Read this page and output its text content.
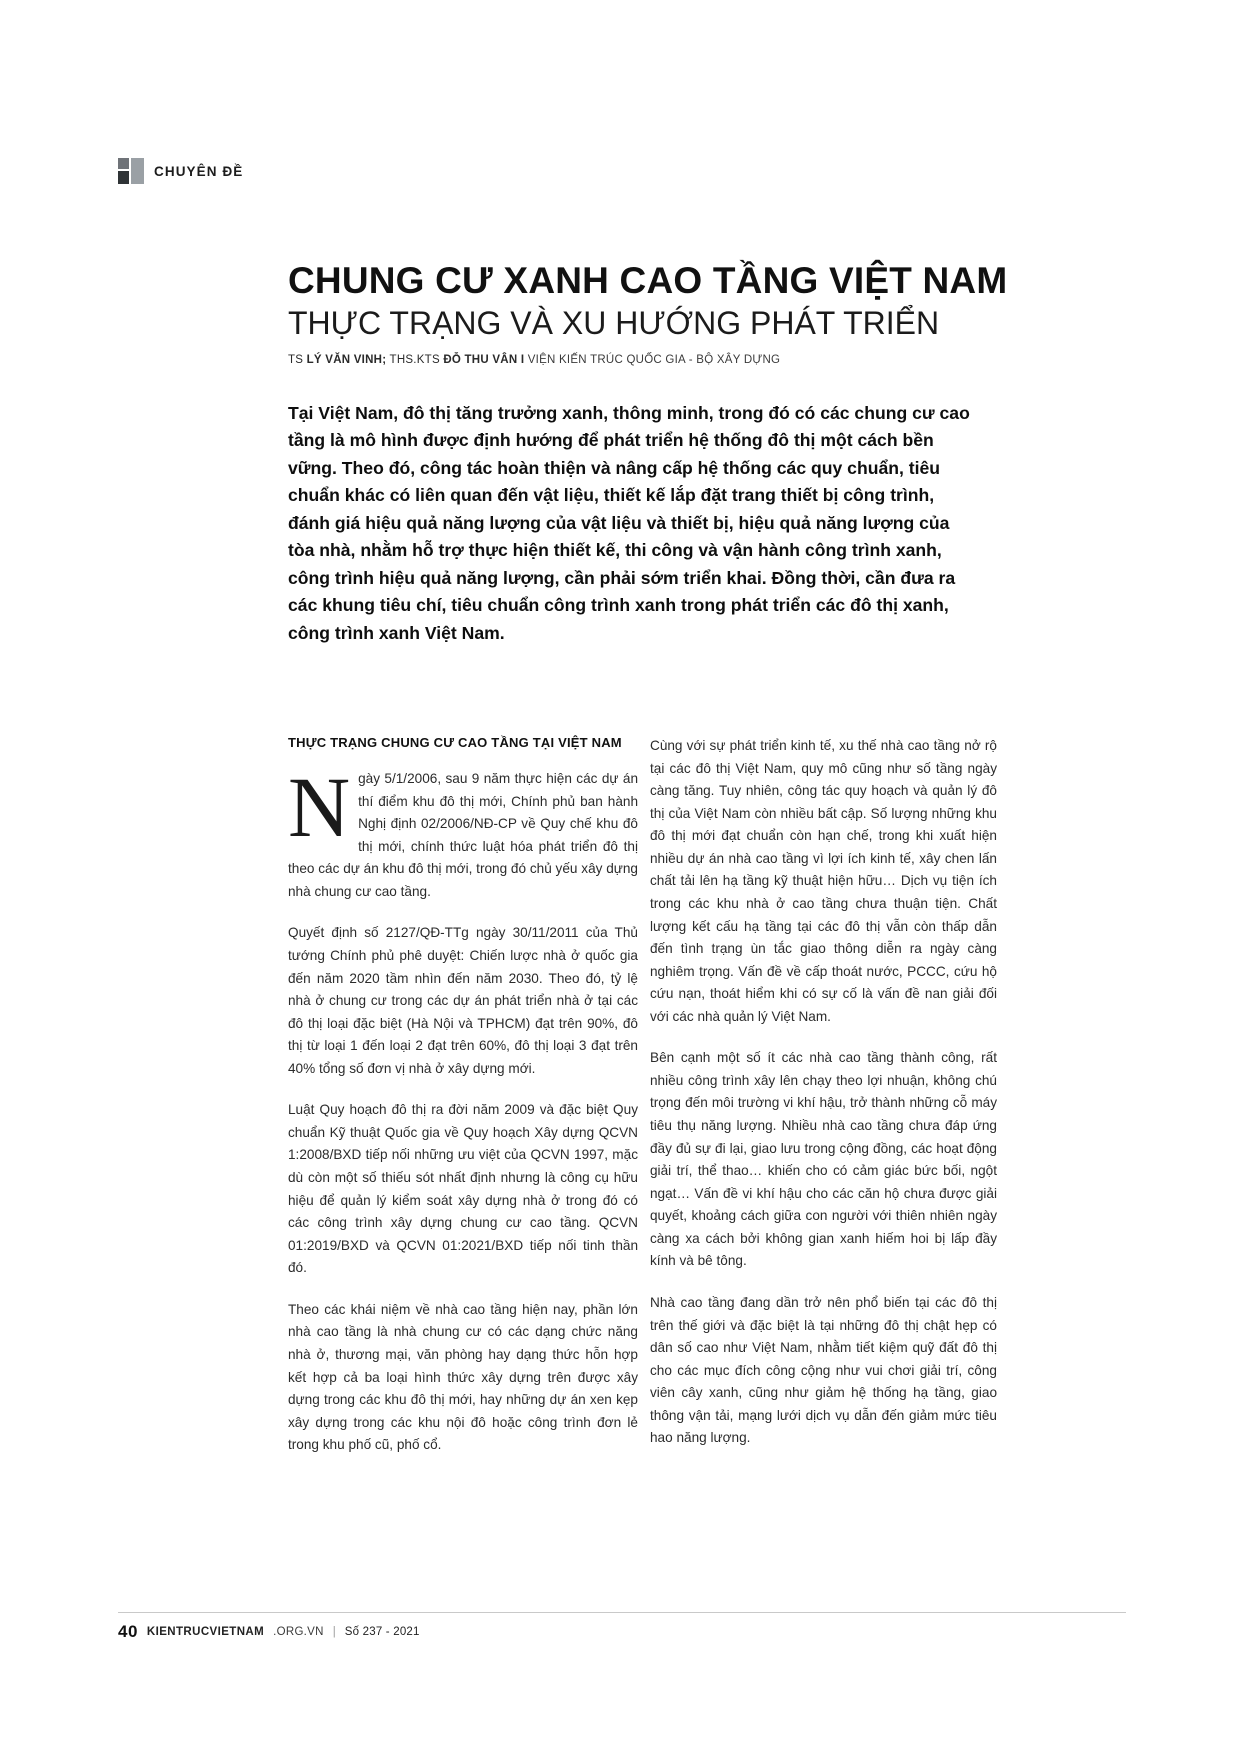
CHUYÊN ĐỀ
CHUNG CƯ XANH CAO TẦNG VIỆT NAM
THỰC TRẠNG VÀ XU HƯỚNG PHÁT TRIỂN
TS LÝ VĂN VINH; THS.KTS ĐỖ THU VÂN I VIỆN KIẾN TRÚC QUỐC GIA - BỘ XÂY DỰNG
Tại Việt Nam, đô thị tăng trưởng xanh, thông minh, trong đó có các chung cư cao tầng là mô hình được định hướng để phát triển hệ thống đô thị một cách bền vững. Theo đó, công tác hoàn thiện và nâng cấp hệ thống các quy chuẩn, tiêu chuẩn khác có liên quan đến vật liệu, thiết kế lắp đặt trang thiết bị công trình, đánh giá hiệu quả năng lượng của vật liệu và thiết bị, hiệu quả năng lượng của tòa nhà, nhằm hỗ trợ thực hiện thiết kế, thi công và vận hành công trình xanh, công trình hiệu quả năng lượng, cần phải sớm triển khai. Đồng thời, cần đưa ra các khung tiêu chí, tiêu chuẩn công trình xanh trong phát triển các đô thị xanh, công trình xanh Việt Nam.
THỰC TRẠNG CHUNG CƯ CAO TẦNG TẠI VIỆT NAM

Ngày 5/1/2006, sau 9 năm thực hiện các dự án thí điểm khu đô thị mới, Chính phủ ban hành Nghị định 02/2006/NĐ-CP về Quy chế khu đô thị mới, chính thức luật hóa phát triển đô thị theo các dự án khu đô thị mới, trong đó chủ yếu xây dựng nhà chung cư cao tầng.

Quyết định số 2127/QĐ-TTg ngày 30/11/2011 của Thủ tướng Chính phủ phê duyệt: Chiến lược nhà ở quốc gia đến năm 2020 tầm nhìn đến năm 2030. Theo đó, tỷ lệ nhà ở chung cư trong các dự án phát triển nhà ở tại các đô thị loại đặc biệt (Hà Nội và TPHCM) đạt trên 90%, đô thị từ loại 1 đến loại 2 đạt trên 60%, đô thị loại 3 đạt trên 40% tổng số đơn vị nhà ở xây dựng mới.

Luật Quy hoạch đô thị ra đời năm 2009 và đặc biệt Quy chuẩn Kỹ thuật Quốc gia về Quy hoạch Xây dựng QCVN 1:2008/BXD tiếp nối những ưu việt của QCVN 1997, mặc dù còn một số thiếu sót nhất định nhưng là công cụ hữu hiệu để quản lý kiểm soát xây dựng nhà ở trong đó có các công trình xây dựng chung cư cao tầng. QCVN 01:2019/BXD và QCVN 01:2021/BXD tiếp nối tinh thần đó.

Theo các khái niệm về nhà cao tầng hiện nay, phần lớn nhà cao tầng là nhà chung cư có các dạng chức năng nhà ở, thương mại, văn phòng hay dạng thức hỗn hợp kết hợp cả ba loại hình thức xây dựng trên được xây dựng trong các khu đô thị mới, hay những dự án xen kẹp xây dựng trong các khu nội đô hoặc công trình đơn lẻ trong khu phố cũ, phố cổ.

Cùng với sự phát triển kinh tế, xu thế nhà cao tầng nở rộ tại các đô thị Việt Nam, quy mô cũng như số tầng ngày càng tăng. Tuy nhiên, công tác quy hoạch và quản lý đô thị của Việt Nam còn nhiều bất cập. Số lượng những khu đô thị mới đạt chuẩn còn hạn chế, trong khi xuất hiện nhiều dự án nhà cao tầng vì lợi ích kinh tế, xây chen lấn chất tải lên hạ tầng kỹ thuật hiện hữu… Dịch vụ tiện ích trong các khu nhà ở cao tầng chưa thuận tiện. Chất lượng kết cấu hạ tầng tại các đô thị vẫn còn thấp dẫn đến tình trạng ùn tắc giao thông diễn ra ngày càng nghiêm trọng. Vấn đề về cấp thoát nước, PCCC, cứu hộ cứu nạn, thoát hiểm khi có sự cố là vấn đề nan giải đối với các nhà quản lý Việt Nam.

Bên cạnh một số ít các nhà cao tầng thành công, rất nhiều công trình xây lên chạy theo lợi nhuận, không chú trọng đến môi trường vi khí hậu, trở thành những cỗ máy tiêu thụ năng lượng. Nhiều nhà cao tầng chưa đáp ứng đầy đủ sự đi lại, giao lưu trong cộng đồng, các hoạt động giải trí, thể thao… khiến cho có cảm giác bức bối, ngột ngạt… Vấn đề vi khí hậu cho các căn hộ chưa được giải quyết, khoảng cách giữa con người với thiên nhiên ngày càng xa cách bởi không gian xanh hiếm hoi bị lấp đầy kính và bê tông.

Nhà cao tầng đang dần trở nên phổ biến tại các đô thị trên thế giới và đặc biệt là tại những đô thị chật hẹp có dân số cao như Việt Nam, nhằm tiết kiệm quỹ đất đô thị cho các mục đích công cộng như vui chơi giải trí, công viên cây xanh, cũng như giảm hệ thống hạ tầng, giao thông vận tải, mạng lưới dịch vụ dẫn đến giảm mức tiêu hao năng lượng.

40 KIENTRUCVIETNAM .ORG.VN | Số 237 - 2021
